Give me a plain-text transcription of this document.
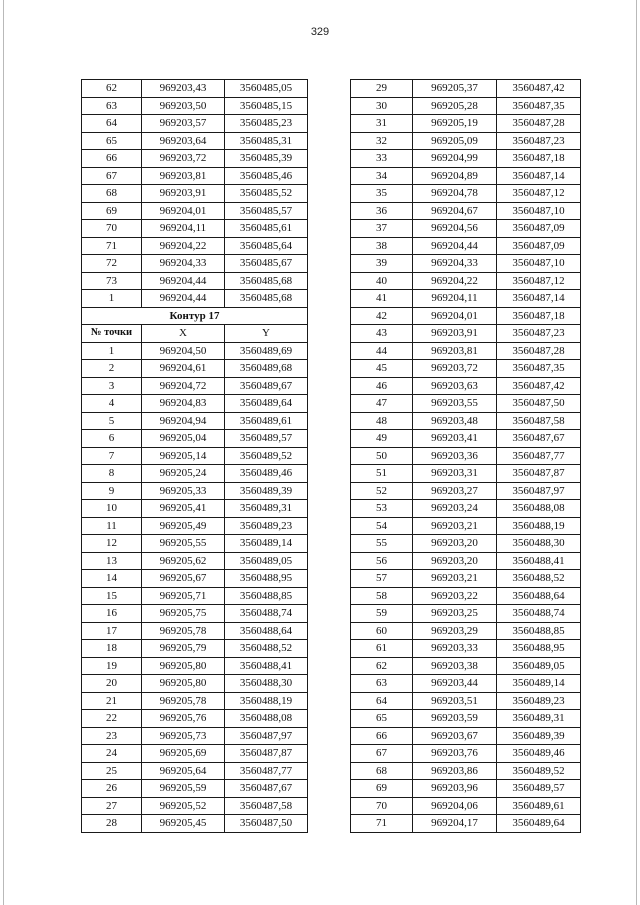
329
62	969203,43	3560485,05
63	969203,50	3560485,15
64	969203,57	3560485,23
65	969203,64	3560485,31
66	969203,72	3560485,39
67	969203,81	3560485,46
68	969203,91	3560485,52
69	969204,01	3560485,57
70	969204,11	3560485,61
71	969204,22	3560485,64
72	969204,33	3560485,67
73	969204,44	3560485,68
1	969204,44	3560485,68
Контур 17		
№ точки	X	Y
1	969204,50	3560489,69
2	969204,61	3560489,68
3	969204,72	3560489,67
4	969204,83	3560489,64
5	969204,94	3560489,61
6	969205,04	3560489,57
7	969205,14	3560489,52
8	969205,24	3560489,46
9	969205,33	3560489,39
10	969205,41	3560489,31
11	969205,49	3560489,23
12	969205,55	3560489,14
13	969205,62	3560489,05
14	969205,67	3560488,95
15	969205,71	3560488,85
16	969205,75	3560488,74
17	969205,78	3560488,64
18	969205,79	3560488,52
19	969205,80	3560488,41
20	969205,80	3560488,30
21	969205,78	3560488,19
22	969205,76	3560488,08
23	969205,73	3560487,97
24	969205,69	3560487,87
25	969205,64	3560487,77
26	969205,59	3560487,67
27	969205,52	3560487,58
28	969205,45	3560487,50
29	969205,37	3560487,42
30	969205,28	3560487,35
31	969205,19	3560487,28
32	969205,09	3560487,23
33	969204,99	3560487,18
34	969204,89	3560487,14
35	969204,78	3560487,12
36	969204,67	3560487,10
37	969204,56	3560487,09
38	969204,44	3560487,09
39	969204,33	3560487,10
40	969204,22	3560487,12
41	969204,11	3560487,14
42	969204,01	3560487,18
43	969203,91	3560487,23
44	969203,81	3560487,28
45	969203,72	3560487,35
46	969203,63	3560487,42
47	969203,55	3560487,50
48	969203,48	3560487,58
49	969203,41	3560487,67
50	969203,36	3560487,77
51	969203,31	3560487,87
52	969203,27	3560487,97
53	969203,24	3560488,08
54	969203,21	3560488,19
55	969203,20	3560488,30
56	969203,20	3560488,41
57	969203,21	3560488,52
58	969203,22	3560488,64
59	969203,25	3560488,74
60	969203,29	3560488,85
61	969203,33	3560488,95
62	969203,38	3560489,05
63	969203,44	3560489,14
64	969203,51	3560489,23
65	969203,59	3560489,31
66	969203,67	3560489,39
67	969203,76	3560489,46
68	969203,86	3560489,52
69	969203,96	3560489,57
70	969204,06	3560489,61
71	969204,17	3560489,64
